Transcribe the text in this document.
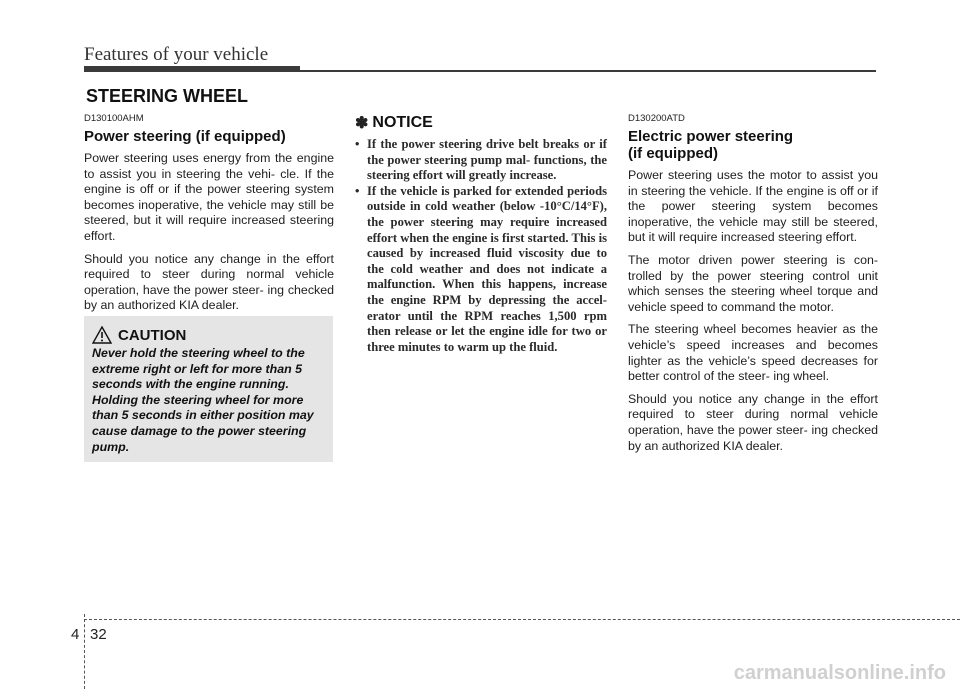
Features of your vehicle
STEERING WHEEL
D130100AHM
Power steering (if equipped)

Power steering uses energy from the engine to assist you in steering the vehi- cle. If the engine is off or if the power steering system becomes inoperative, the vehicle may still be steered, but it will require increased steering effort.

Should you notice any change in the effort required to steer during normal vehicle operation, have the power steer- ing checked by an authorized KIA dealer.

CAUTION
Never hold the steering wheel to the extreme right or left for more than 5 seconds with the engine running. Holding the steering wheel for more than 5 seconds in either position may cause damage to the power steering pump.
✽ NOTICE
• If the power steering drive belt breaks or if the power steering pump mal- functions, the steering effort will greatly increase.
• If the vehicle is parked for extended periods outside in cold weather (below -10°C/14°F), the power steering may require increased effort when the engine is first started. This is caused by increased fluid viscosity due to the cold weather and does not indicate a malfunction. When this happens, increase the engine RPM by depressing the accel- erator until the RPM reaches 1,500 rpm then release or let the engine idle for two or three minutes to warm up the fluid.
D130200ATD
Electric power steering
(if equipped)

Power steering uses the motor to assist you in steering the vehicle. If the engine is off or if the power steering system becomes inoperative, the vehicle may still be steered, but it will require increased steering effort.

The motor driven power steering is con- trolled by the power steering control unit which senses the steering wheel torque and vehicle speed to command the motor.

The steering wheel becomes heavier as the vehicle’s speed increases and becomes lighter as the vehicle’s speed decreases for better control of the steer- ing wheel.

Should you notice any change in the effort required to steer during normal vehicle operation, have the power steer- ing checked by an authorized KIA dealer.

4 32
carmanualsonline.info
